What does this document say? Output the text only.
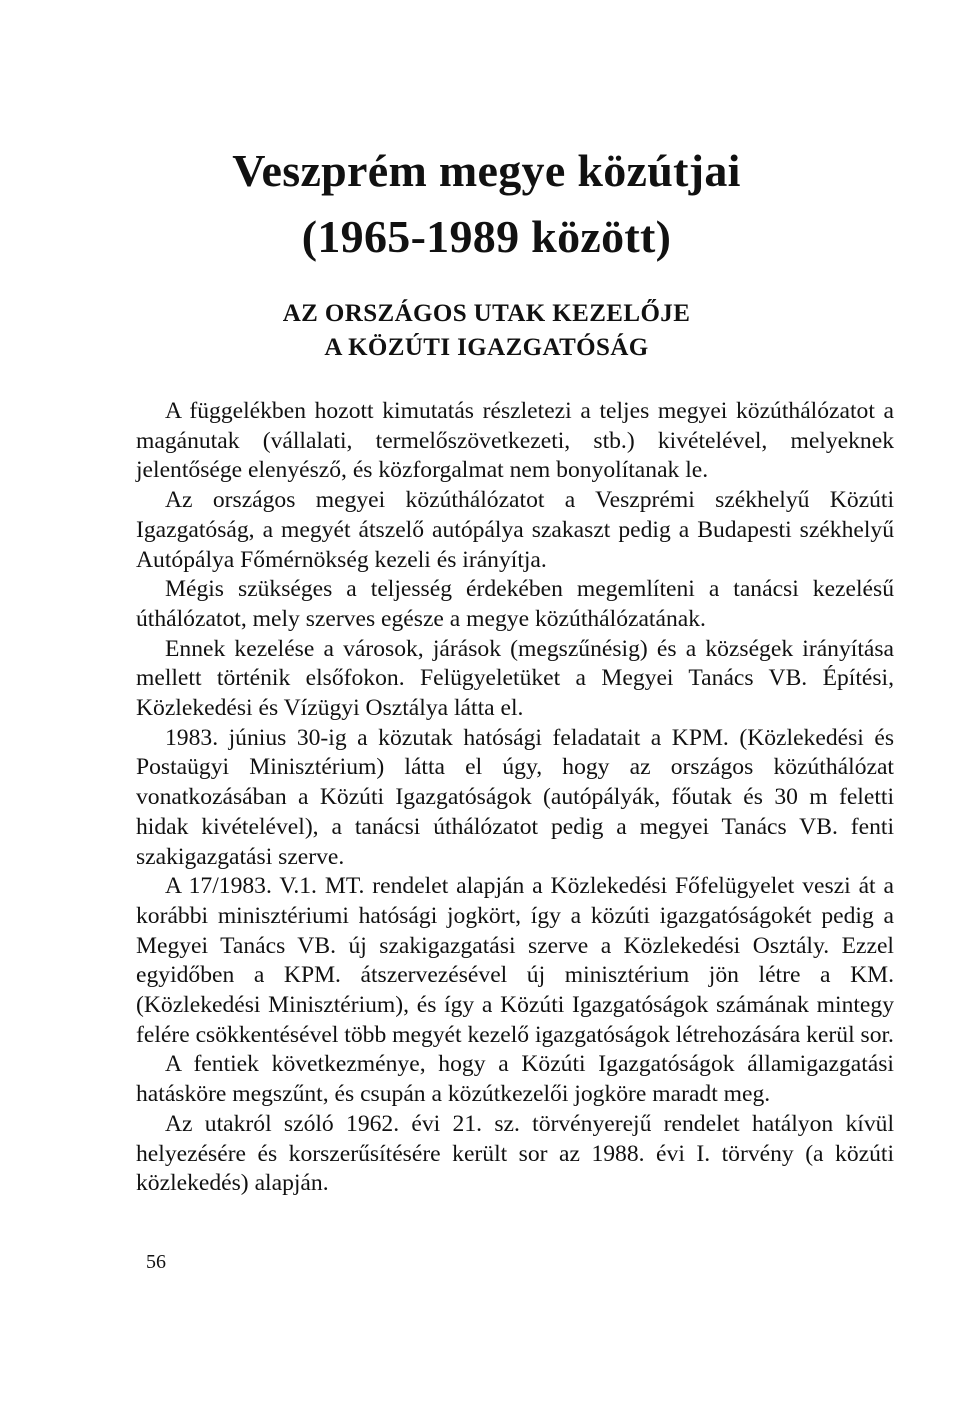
Veszprém megye közútjai
(1965-1989 között)
AZ ORSZÁGOS UTAK KEZELŐJE
A KÖZÚTI IGAZGATÓSÁG

A függelékben hozott kimutatás részletezi a teljes megyei közúthálózatot a magánutak (vállalati, termelőszövetkezeti, stb.) kivételével, melyeknek jelentősége elenyésző, és közforgalmat nem bonyolítanak le.

Az országos megyei közúthálózatot a Veszprémi székhelyű Közúti Igazgatóság, a megyét átszelő autópálya szakaszt pedig a Budapesti székhelyű Autópálya Főmérnökség kezeli és irányítja.

Mégis szükséges a teljesség érdekében megemlíteni a tanácsi kezelésű úthálózatot, mely szerves egésze a megye közúthálózatának.

Ennek kezelése a városok, járások (megszűnésig) és a községek irányítása mellett történik elsőfokon. Felügyeletüket a Megyei Tanács VB. Építési, Közlekedési és Vízügyi Osztálya látta el.

1983. június 30-ig a közutak hatósági feladatait a KPM. (Közlekedési és Postaügyi Minisztérium) látta el úgy, hogy az országos közúthálózat vonatkozásában a Közúti Igazgatóságok (autópályák, főutak és 30 m feletti hidak kivételével), a tanácsi úthálózatot pedig a megyei Tanács VB. fenti szakigazgatási szerve.

A 17/1983. V.1. MT. rendelet alapján a Közlekedési Főfelügyelet veszi át a korábbi minisztériumi hatósági jogkört, így a közúti igazgatóságokét pedig a Megyei Tanács VB. új szakigazgatási szerve a Közlekedési Osztály. Ezzel egyidőben a KPM. átszervezésével új minisztérium jön létre a KM. (Közlekedési Minisztérium), és így a Közúti Igazgatóságok számának mintegy felére csökkentésével több megyét kezelő igazgatóságok létrehozására kerül sor.

A fentiek következménye, hogy a Közúti Igazgatóságok államigazgatási hatásköre megszűnt, és csupán a közútkezelői jogköre maradt meg.

Az utakról szóló 1962. évi 21. sz. törvényerejű rendelet hatályon kívül helyezésére és korszerűsítésére került sor az 1988. évi I. törvény (a közúti közlekedés) alapján.

56
